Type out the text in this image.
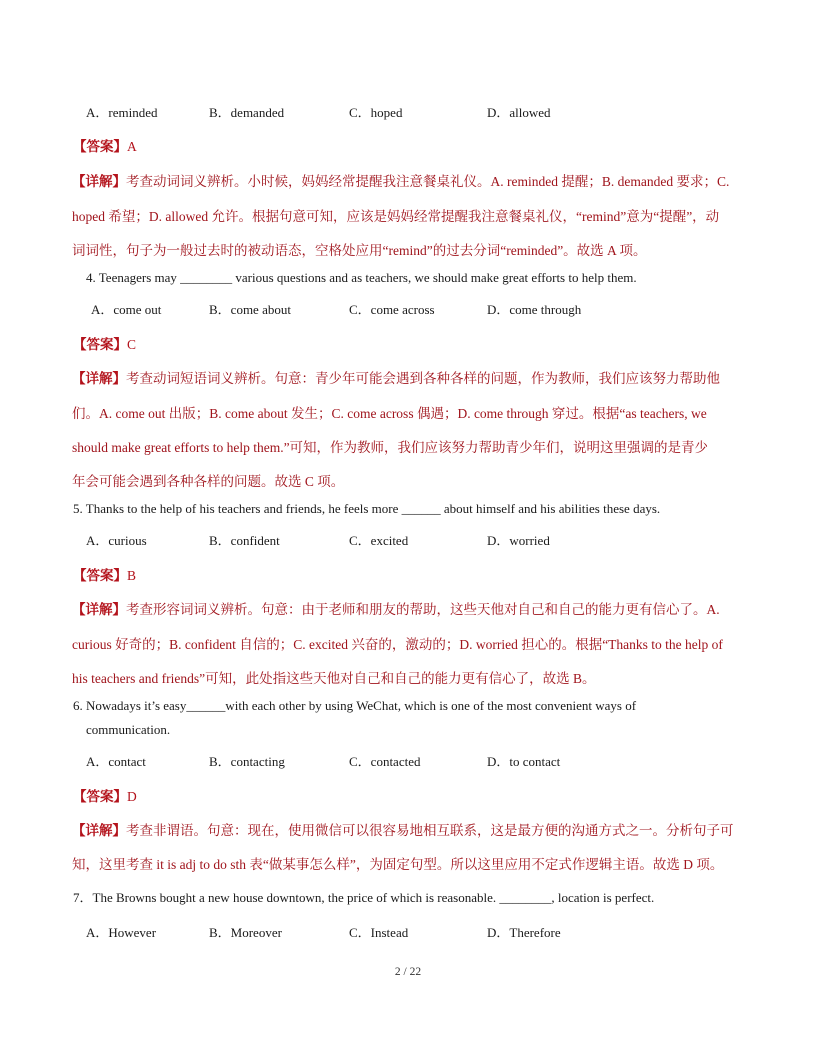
A．reminded	B．demanded	C．hoped	D．allowed
【答案】A
【详解】考查动词词义辨析。小时候，妈妈经常提醒我注意餐桌礼仪。A. reminded 提醒；B. demanded 要求；C.
hoped 希望；D. allowed 允许。根据句意可知，应该是妈妈经常提醒我注意餐桌礼仪，“remind”意为“提醒”，动
词词性，句子为一般过去时的被动语态，空格处应用“remind”的过去分词“reminded”。故选 A 项。
4. Teenagers may ________ various questions and as teachers, we should make great efforts to help them.
A．come out	B．come about	C．come across	D．come through
【答案】C
【详解】考查动词短语词义辨析。句意：青少年可能会遇到各种各样的问题，作为教师，我们应该努力帮助他
们。A. come out 出版；B. come about 发生；C. come across 偶遇；D. come through 穿过。根据“as teachers, we
should make great efforts to help them.”可知，作为教师，我们应该努力帮助青少年们，说明这里强调的是青少
年会可能会遇到各种各样的问题。故选 C 项。
5. Thanks to the help of his teachers and friends, he feels more ______ about himself and his abilities these days.
A．curious	B．confident	C．excited	D．worried
【答案】B
【详解】考查形容词词义辨析。句意：由于老师和朋友的帮助，这些天他对自己和自己的能力更有信心了。A.
curious 好奇的；B. confident 自信的；C. excited 兴奋的，激动的；D. worried 担心的。根据“Thanks to the help of
his teachers and friends”可知，此处指这些天他对自己和自己的能力更有信心了，故选 B。
6. Nowadays it’s easy______with each other by using WeChat, which is one of the most convenient ways of
communication.
A．contact	B．contacting	C．contacted	D．to contact
【答案】D
【详解】考查非谓语。句意：现在，使用微信可以很容易地相互联系，这是最方便的沟通方式之一。分析句子可
知，这里考查 it is adj to do sth 表“做某事怎么样”，为固定句型。所以这里应用不定式作逻辑主语。故选 D 项。
7．The Browns bought a new house downtown, the price of which is reasonable. ________, location is perfect.
A．However	B．Moreover	C．Instead	D．Therefore
2 / 22
